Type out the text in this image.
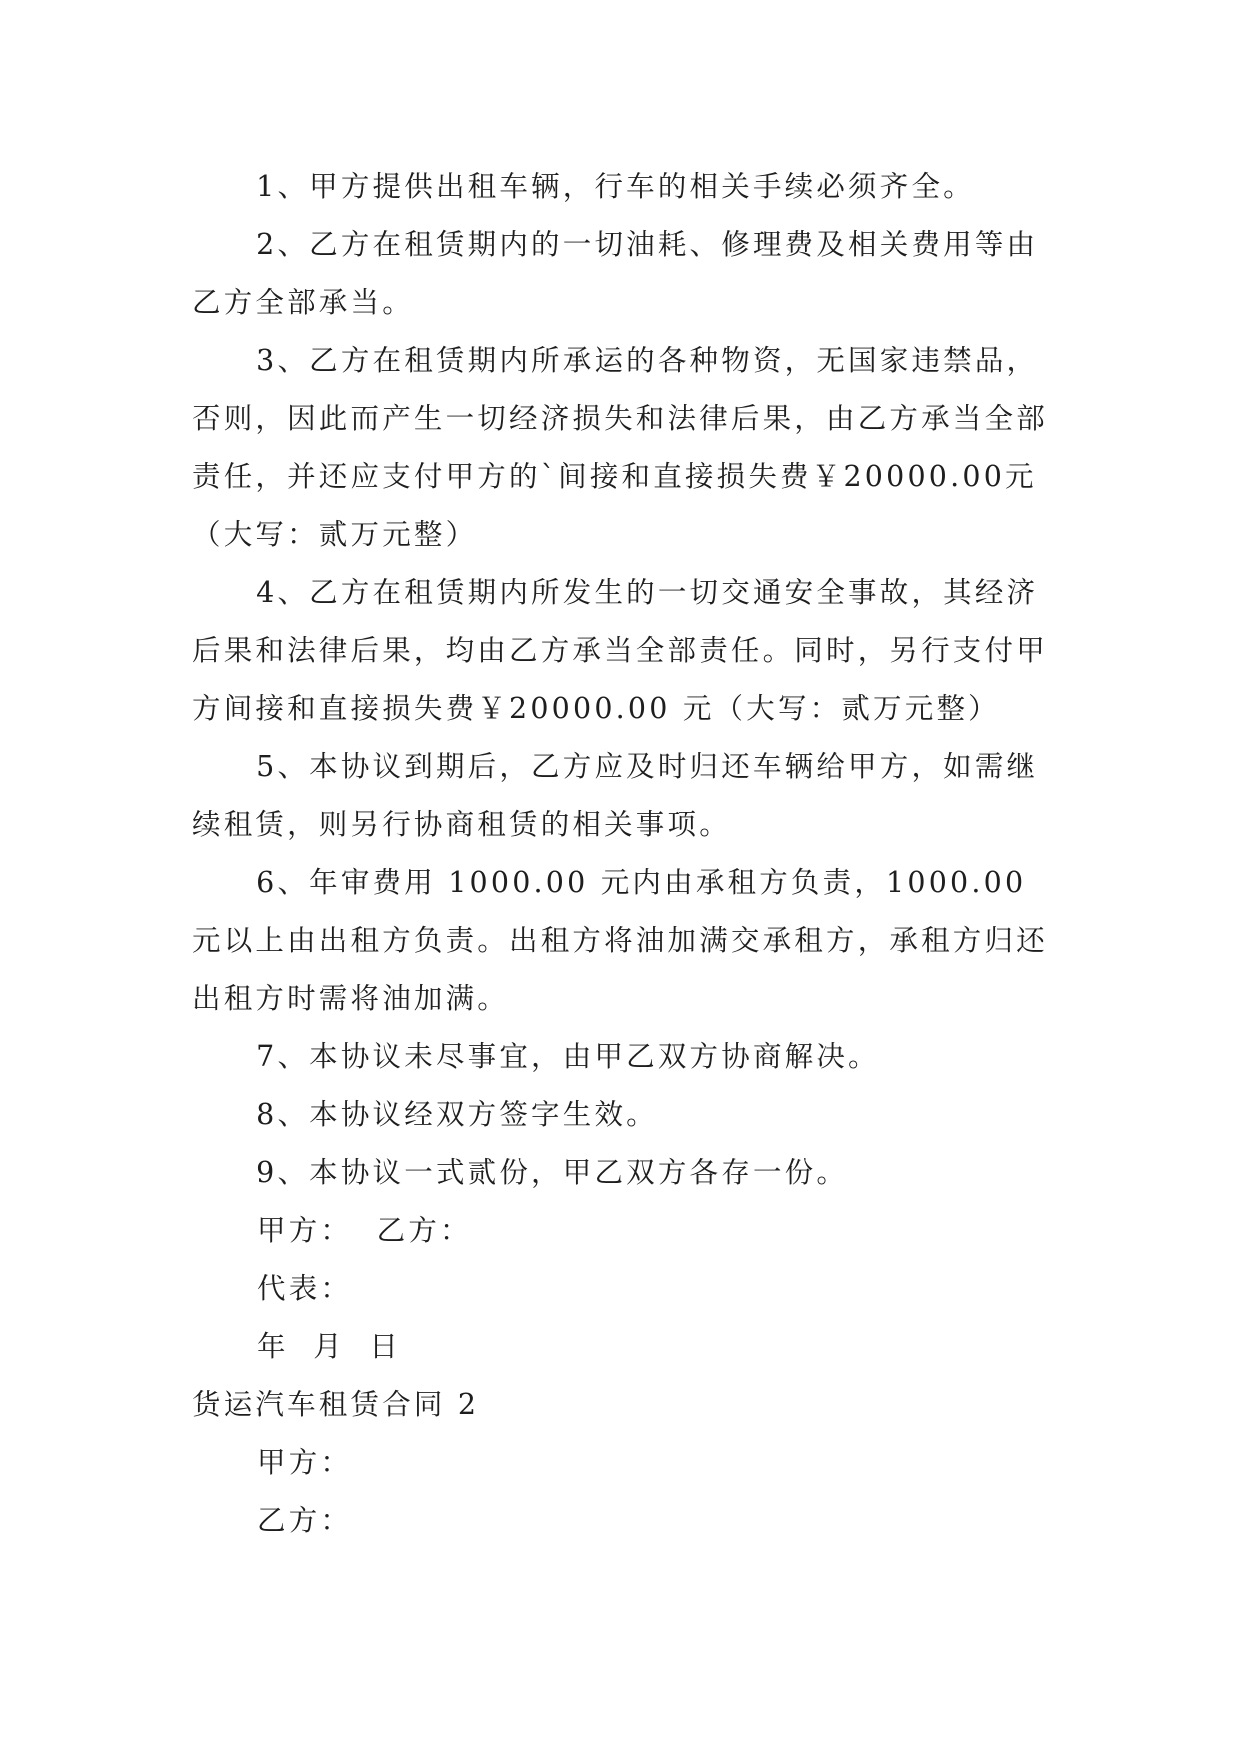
1、甲方提供出租车辆，行车的相关手续必须齐全。

2、乙方在租赁期内的一切油耗、修理费及相关费用等由乙方全部承当。

3、乙方在租赁期内所承运的各种物资，无国家违禁品，否则，因此而产生一切经济损失和法律后果，由乙方承当全部责任，并还应支付甲方的`间接和直接损失费￥20000.00元（大写：贰万元整）

4、乙方在租赁期内所发生的一切交通安全事故，其经济后果和法律后果，均由乙方承当全部责任。同时，另行支付甲方间接和直接损失费￥20000.00 元（大写：贰万元整）

5、本协议到期后，乙方应及时归还车辆给甲方，如需继续租赁，则另行协商租赁的相关事项。

6、年审费用 1000.00 元内由承租方负责，1000.00 元以上由出租方负责。出租方将油加满交承租方，承租方归还出租方时需将油加满。

7、本协议未尽事宜，由甲乙双方协商解决。

8、本协议经双方签字生效。

9、本协议一式贰份，甲乙双方各存一份。

甲方：  乙方：

代表：

年  月  日

货运汽车租赁合同 2

甲方：

乙方：
